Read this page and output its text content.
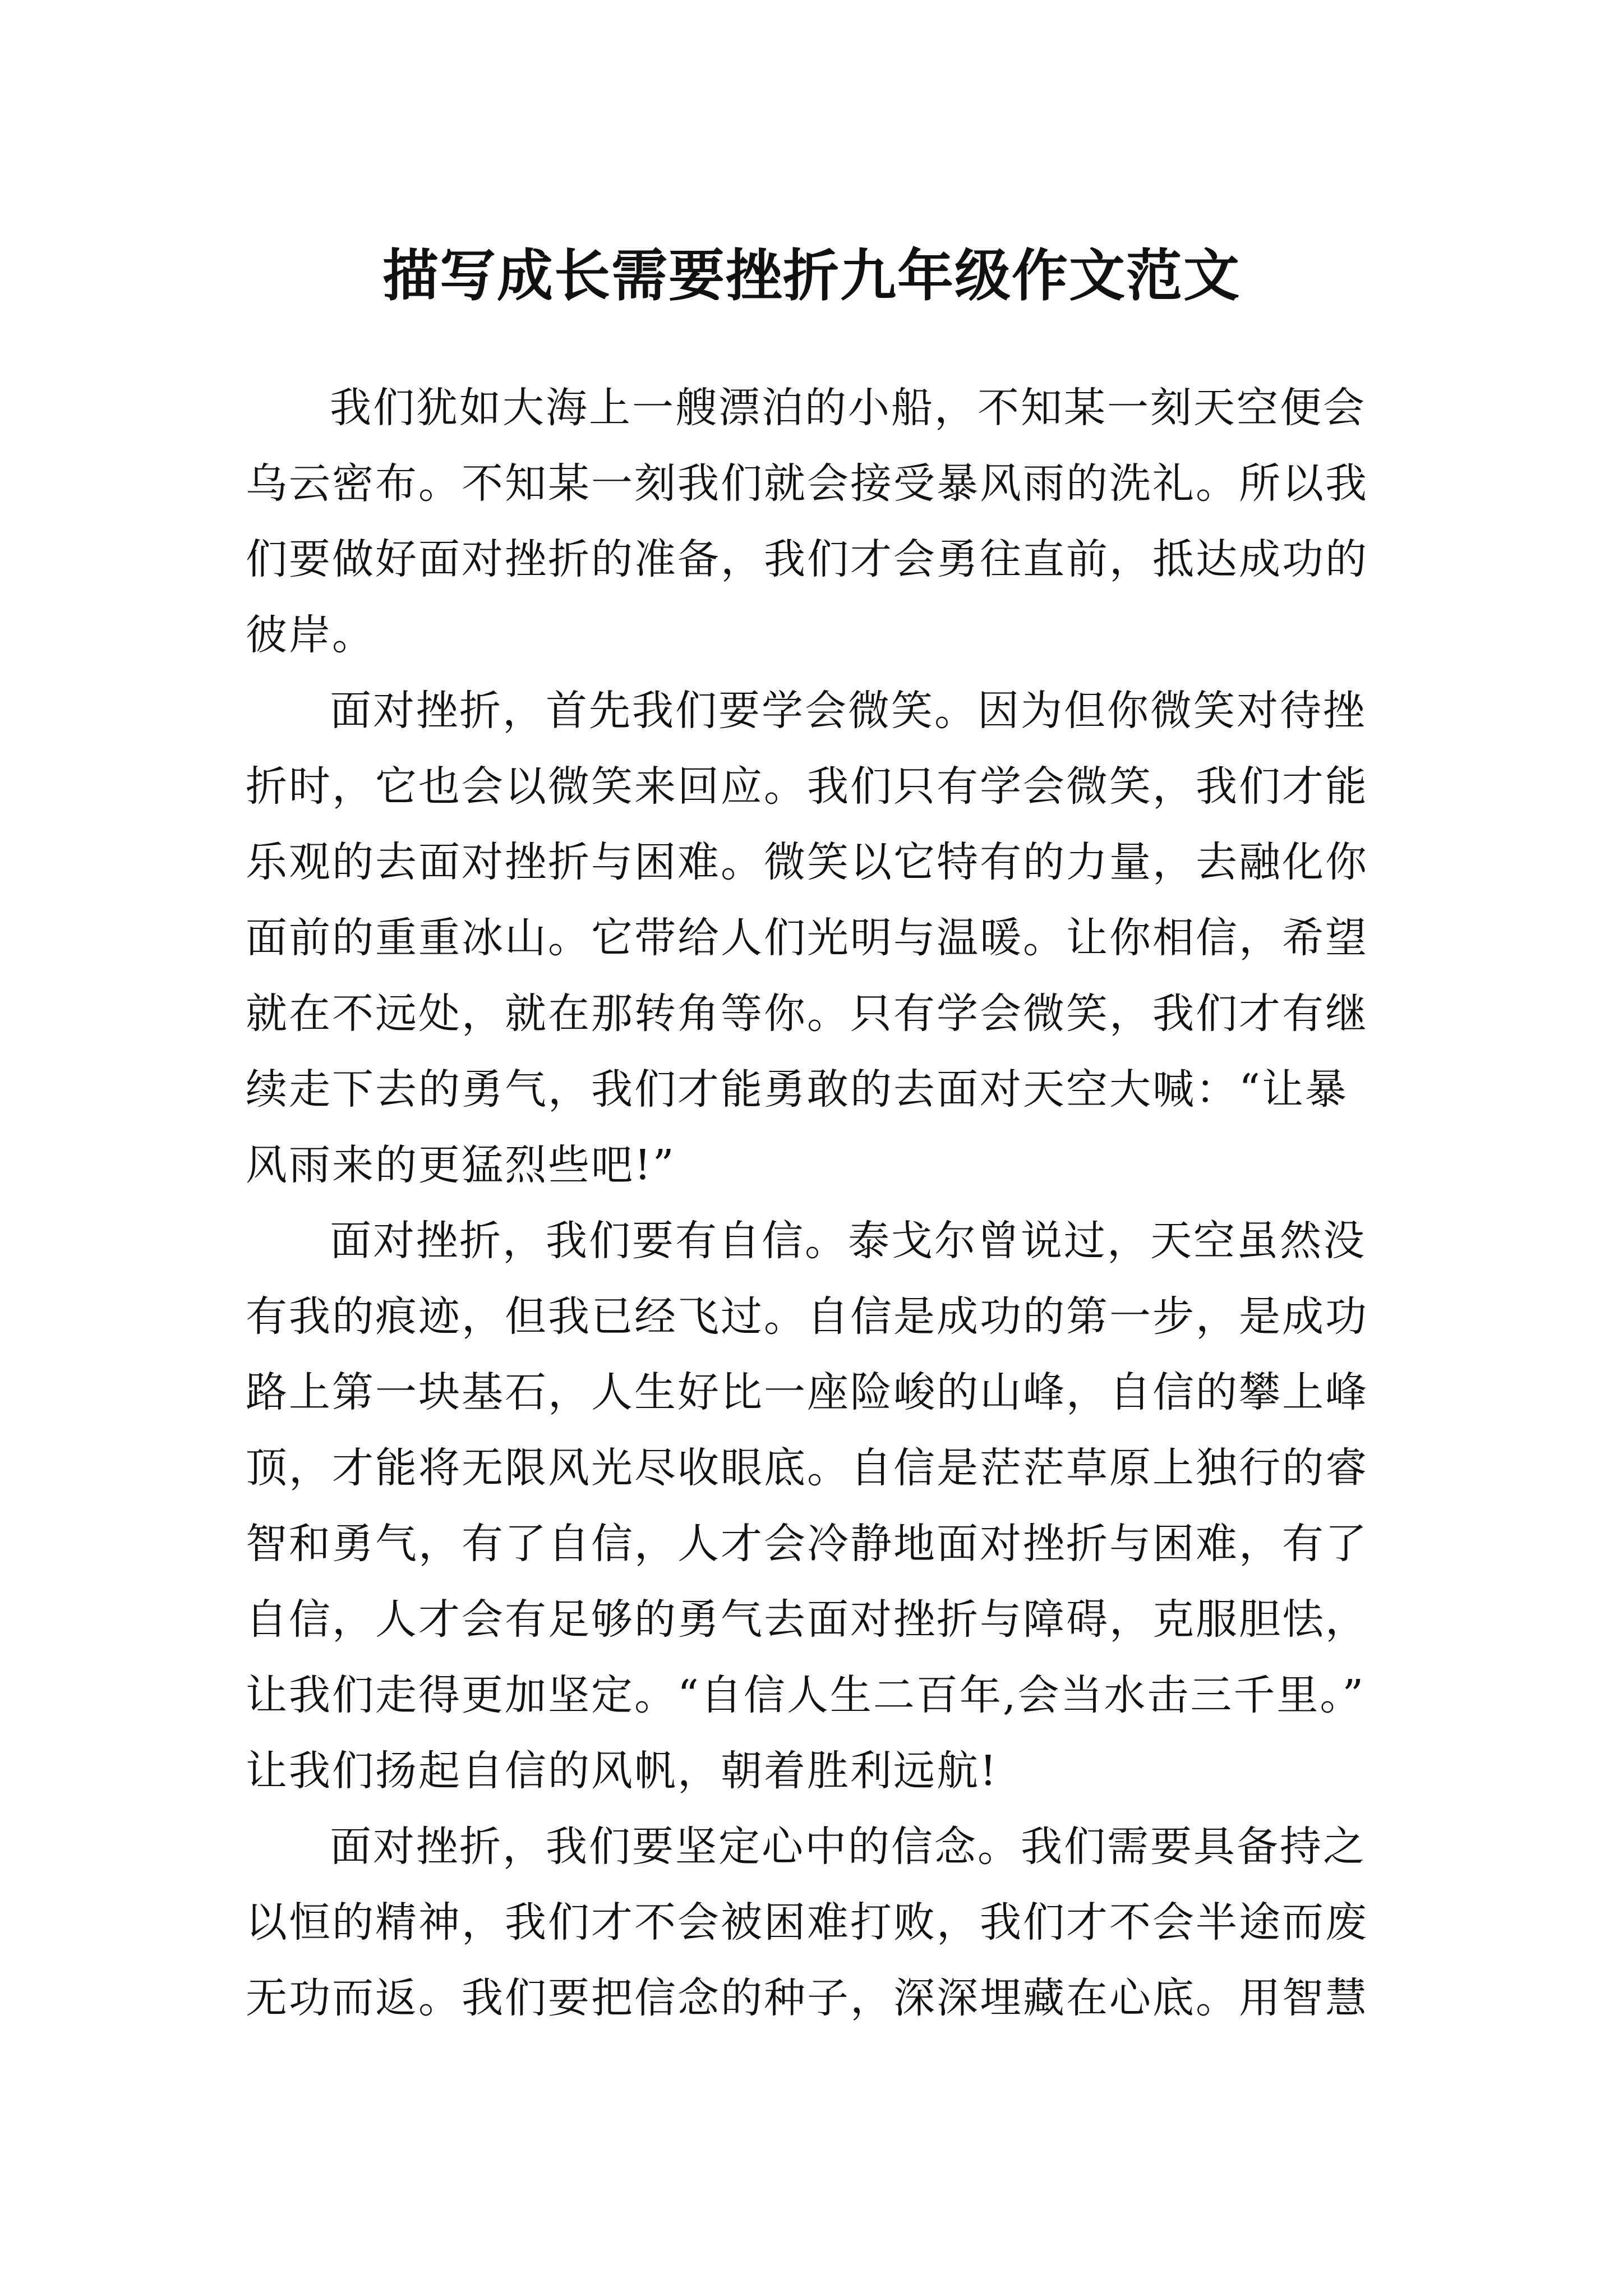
描写成长需要挫折九年级作文范文

我们犹如大海上一艘漂泊的小船，不知某一刻天空便会
乌云密布。不知某一刻我们就会接受暴风雨的洗礼。所以我
们要做好面对挫折的准备，我们才会勇往直前，抵达成功的
彼岸。

面对挫折，首先我们要学会微笑。因为但你微笑对待挫
折时，它也会以微笑来回应。我们只有学会微笑，我们才能
乐观的去面对挫折与困难。微笑以它特有的力量，去融化你
面前的重重冰山。它带给人们光明与温暖。让你相信，希望
就在不远处，就在那转角等你。只有学会微笑，我们才有继
续走下去的勇气，我们才能勇敢的去面对天空大喊：“让暴
风雨来的更猛烈些吧!”

面对挫折，我们要有自信。泰戈尔曾说过，天空虽然没
有我的痕迹，但我已经飞过。自信是成功的第一步，是成功
路上第一块基石，人生好比一座险峻的山峰，自信的攀上峰
顶，才能将无限风光尽收眼底。自信是茫茫草原上独行的睿
智和勇气，有了自信，人才会冷静地面对挫折与困难，有了
自信，人才会有足够的勇气去面对挫折与障碍，克服胆怯，
让我们走得更加坚定。“自信人生二百年,会当水击三千里。”
让我们扬起自信的风帆，朝着胜利远航!

面对挫折，我们要坚定心中的信念。我们需要具备持之
以恒的精神，我们才不会被困难打败，我们才不会半途而废
无功而返。我们要把信念的种子，深深埋藏在心底。用智慧
